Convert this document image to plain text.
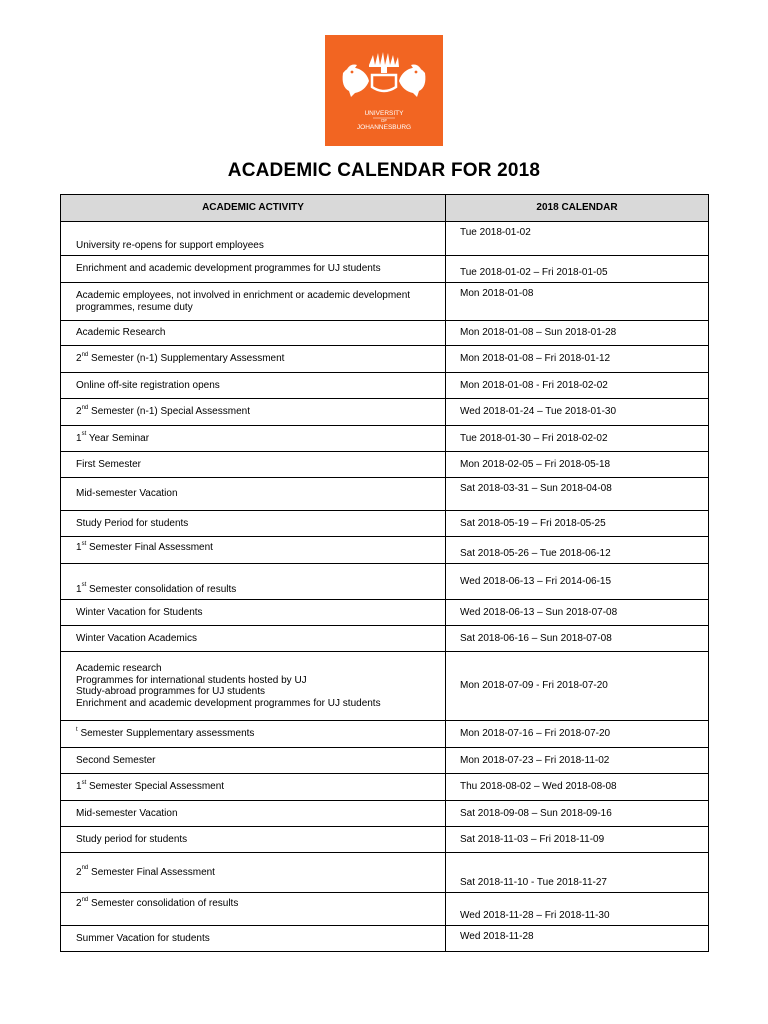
UNIVERSITY
OF
JOHANNESBURG
ACADEMIC CALENDAR FOR 2018
ACADEMIC ACTIVITY	2018 CALENDAR
University re-opens for support employees	Tue 2018-01-02
Enrichment and academic development programmes for UJ students	Tue 2018-01-02 – Fri 2018-01-05
Academic employees, not involved in enrichment or academic development
programmes, resume duty	Mon 2018-01-08
Academic Research	Mon 2018-01-08 – Sun 2018-01-28
2nd Semester (n-1) Supplementary Assessment	Mon 2018-01-08 – Fri 2018-01-12
Online off-site registration opens	Mon 2018-01-08 - Fri 2018-02-02
2nd Semester (n-1) Special Assessment	Wed 2018-01-24 – Tue 2018-01-30
1st Year Seminar	Tue 2018-01-30 – Fri 2018-02-02
First Semester	Mon 2018-02-05 – Fri 2018-05-18
Mid-semester Vacation	Sat 2018-03-31 – Sun 2018-04-08
Study Period for students	Sat 2018-05-19 – Fri 2018-05-25
1st Semester Final Assessment	Sat 2018-05-26 – Tue 2018-06-12
1st Semester consolidation of results	Wed 2018-06-13 – Fri 2014-06-15
Winter Vacation for Students	Wed 2018-06-13 – Sun 2018-07-08
Winter Vacation Academics	Sat 2018-06-16 – Sun 2018-07-08
Academic research
Programmes for international students hosted by UJ
Study-abroad programmes for UJ students
Enrichment and academic development programmes for UJ students	Mon 2018-07-09 - Fri 2018-07-20
$^t$ Semester Supplementary assessments	Mon 2018-07-16 – Fri 2018-07-20
Second Semester	Mon 2018-07-23 – Fri 2018-11-02
1st Semester Special Assessment	Thu 2018-08-02 – Wed 2018-08-08
Mid-semester Vacation	Sat 2018-09-08 – Sun 2018-09-16
Study period for students	Sat 2018-11-03 – Fri 2018-11-09
2nd Semester Final Assessment	Sat 2018-11-10 - Tue 2018-11-27
2nd Semester consolidation of results	Wed 2018-11-28 – Fri 2018-11-30
Summer Vacation for students	Wed 2018-11-28
